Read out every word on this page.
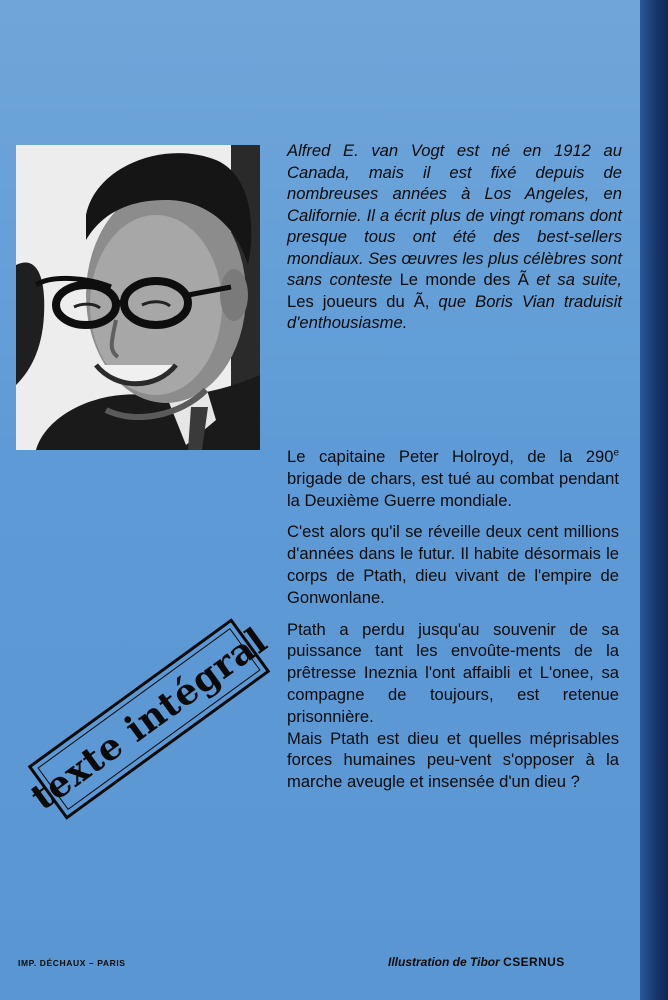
Alfred E. van Vogt est né en 1912 au Canada, mais il est fixé depuis de nombreuses années à Los Angeles, en Californie. Il a écrit plus de vingt romans dont presque tous ont été des best-sellers mondiaux. Ses œuvres les plus célèbres sont sans conteste Le monde des Ã et sa suite, Les joueurs du Ã, que Boris Vian traduisit d'enthousiasme.

Le capitaine Peter Holroyd, de la 290e brigade de chars, est tué au combat pendant la Deuxième Guerre mondiale.

C'est alors qu'il se réveille deux cent millions d'années dans le futur. Il habite désormais le corps de Ptath, dieu vivant de l'empire de Gonwonlane.

Ptath a perdu jusqu'au souvenir de sa puissance tant les envoûte-ments de la prêtresse Ineznia l'ont affaibli et L'onee, sa compagne de toujours, est retenue prisonnière.

Mais Ptath est dieu et quelles méprisables forces humaines peu-vent s'opposer à la marche aveugle et insensée d'un dieu ?

texte intégral
IMP. DÉCHAUX – PARIS	Illustration de Tibor CSERNUS
